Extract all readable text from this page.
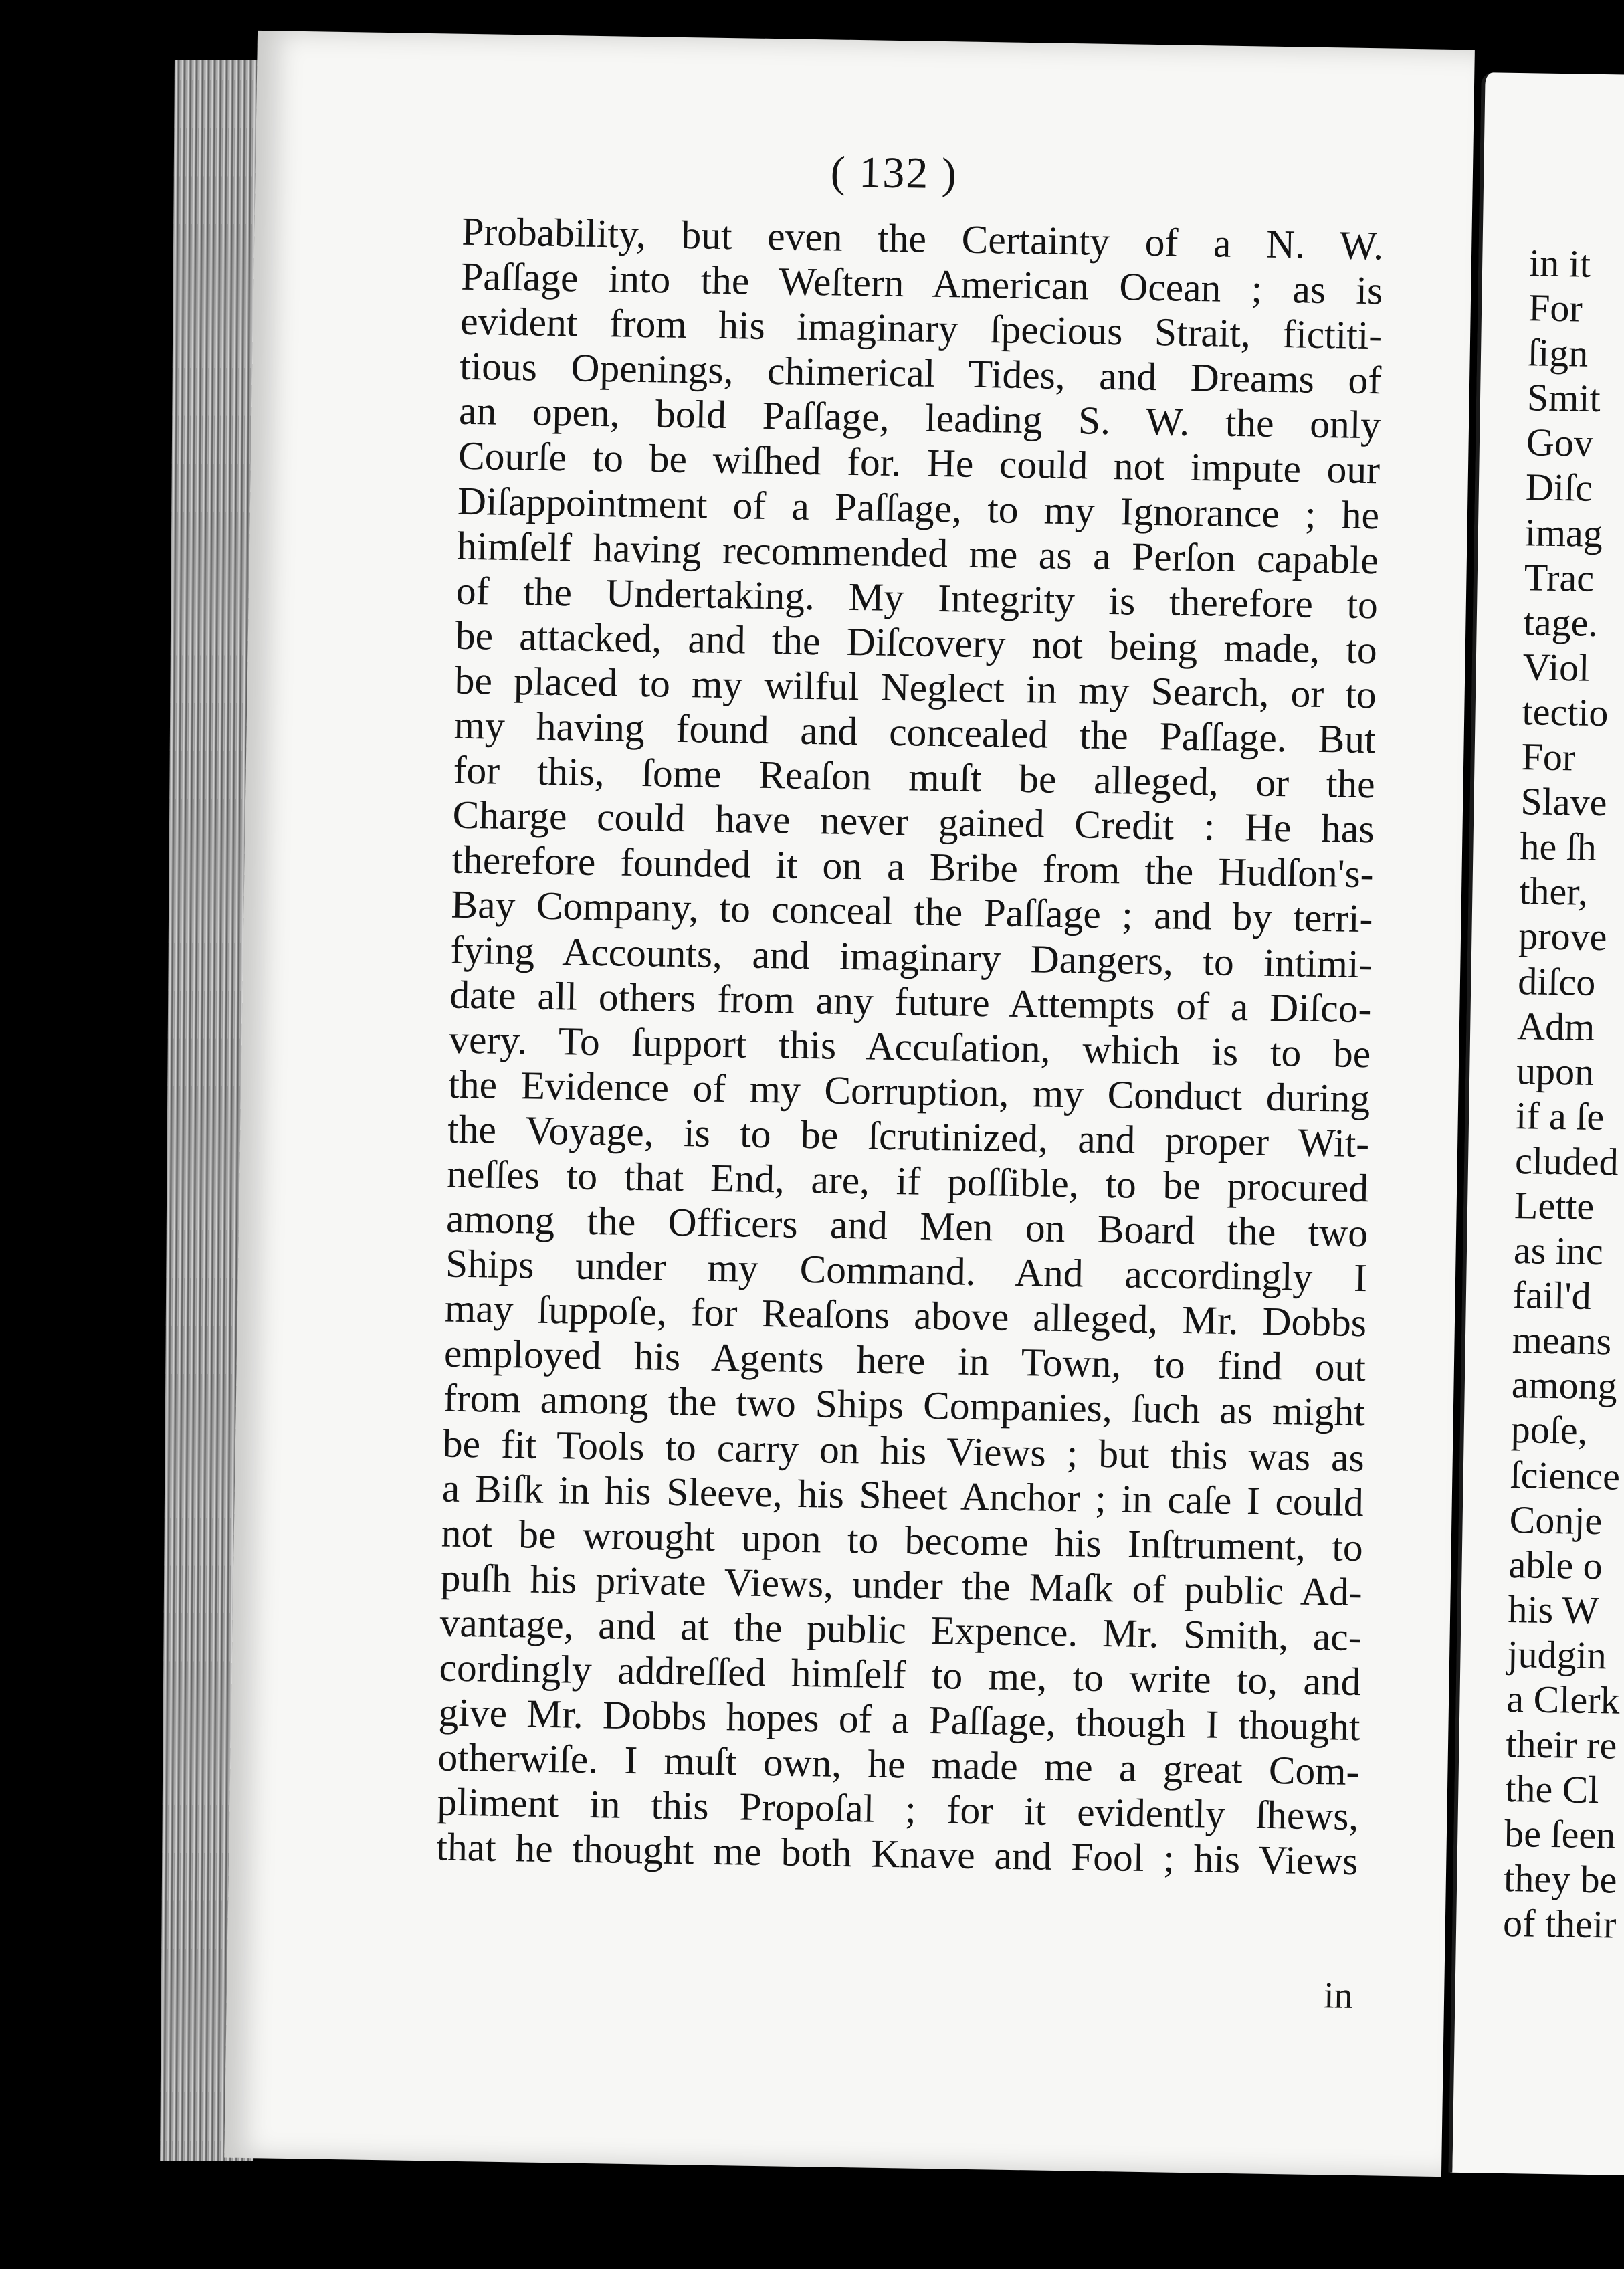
( 132 )
Probability, but even the Certainty of a N. W.
Paſſage into the Weſtern American Ocean ; as is
evident from his imaginary ſpecious Strait, fictiti-
tious Openings, chimerical Tides, and Dreams of
an open, bold Paſſage, leading S. W. the only
Courſe to be wiſhed for. He could not impute our
Diſappointment of a Paſſage, to my Ignorance ; he
himſelf having recommended me as a Perſon capable
of the Undertaking. My Integrity is therefore to
be attacked, and the Diſcovery not being made, to
be placed to my wilful Neglect in my Search, or to
my having found and concealed the Paſſage. But
for this, ſome Reaſon muſt be alleged, or the
Charge could have never gained Credit : He has
therefore founded it on a Bribe from the Hudſon's-
Bay Company, to conceal the Paſſage ; and by terri-
fying Accounts, and imaginary Dangers, to intimi-
date all others from any future Attempts of a Diſco-
very. To ſupport this Accuſation, which is to be
the Evidence of my Corruption, my Conduct during
the Voyage, is to be ſcrutinized, and proper Wit-
neſſes to that End, are, if poſſible, to be procured
among the Officers and Men on Board the two
Ships under my Command. And accordingly I
may ſuppoſe, for Reaſons above alleged, Mr. Dobbs
employed his Agents here in Town, to find out
from among the two Ships Companies, ſuch as might
be fit Tools to carry on his Views ; but this was as
a Biſk in his Sleeve, his Sheet Anchor ; in caſe I could
not be wrought upon to become his Inſtrument, to
puſh his private Views, under the Maſk of public Ad-
vantage, and at the public Expence. Mr. Smith, ac-
cordingly addreſſed himſelf to me, to write to, and
give Mr. Dobbs hopes of a Paſſage, though I thought
otherwiſe. I muſt own, he made me a great Com-
pliment in this Propoſal ; for it evidently ſhews,
that he thought me both Knave and Fool ; his Views
in
in it
For
ſign
Smit
Gov
Diſc
imag
Trac
tage.
Viol
tectio
For
Slave
he ſh
ther,
prove
diſco
Adm
upon
if a ſe
cluded
Lette
as inc
fail'd
means
among
poſe,
ſcience
Conje
able o
his W
judgin
a Clerk
their re
the Cl
be ſeen
they be
of their
